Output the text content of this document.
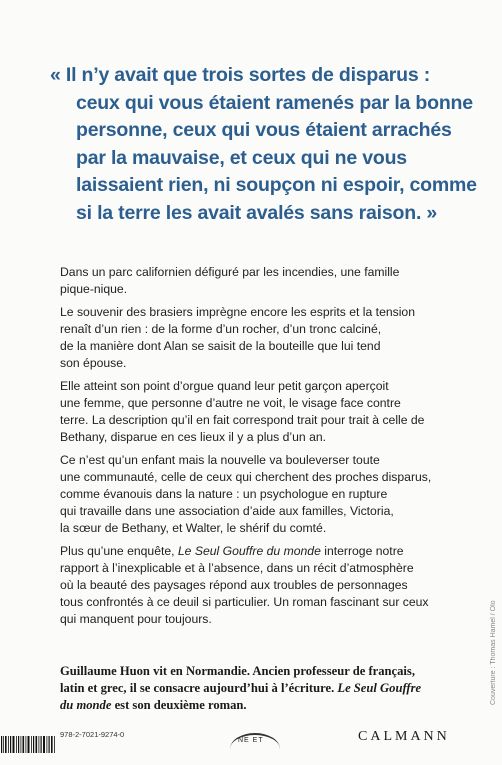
« Il n’y avait que trois sortes de disparus :
ceux qui vous étaient ramenés par la bonne
personne, ceux qui vous étaient arrachés
par la mauvaise, et ceux qui ne vous
laissaient rien, ni soupçon ni espoir, comme
si la terre les avait avalés sans raison. »

Dans un parc californien défiguré par les incendies, une famille
pique-nique.

Le souvenir des brasiers imprègne encore les esprits et la tension
renaît d’un rien : de la forme d’un rocher, d’un tronc calciné,
de la manière dont Alan se saisit de la bouteille que lui tend
son épouse.

Elle atteint son point d’orgue quand leur petit garçon aperçoit
une femme, que personne d’autre ne voit, le visage face contre
terre. La description qu’il en fait correspond trait pour trait à celle de
Bethany, disparue en ces lieux il y a plus d’un an.

Ce n’est qu’un enfant mais la nouvelle va bouleverser toute
une communauté, celle de ceux qui cherchent des proches disparus,
comme évanouis dans la nature : un psychologue en rupture
qui travaille dans une association d’aide aux familles, Victoria,
la sœur de Bethany, et Walter, le shérif du comté.

Plus qu’une enquête, Le Seul Gouffre du monde interroge notre
rapport à l’inexplicable et à l’absence, dans un récit d’atmosphère
où la beauté des paysages répond aux troubles de personnages
tous confrontés à ce deuil si particulier. Un roman fascinant sur ceux
qui manquent pour toujours.

Guillaume Huon vit en Normandie. Ancien professeur de français,
latin et grec, il se consacre aujourd’hui à l’écriture. Le Seul Gouffre
du monde est son deuxième roman.
Couverture : Thomas Hamel / Olo
978-2-7021-9274-0
NE ET	CALMANN
